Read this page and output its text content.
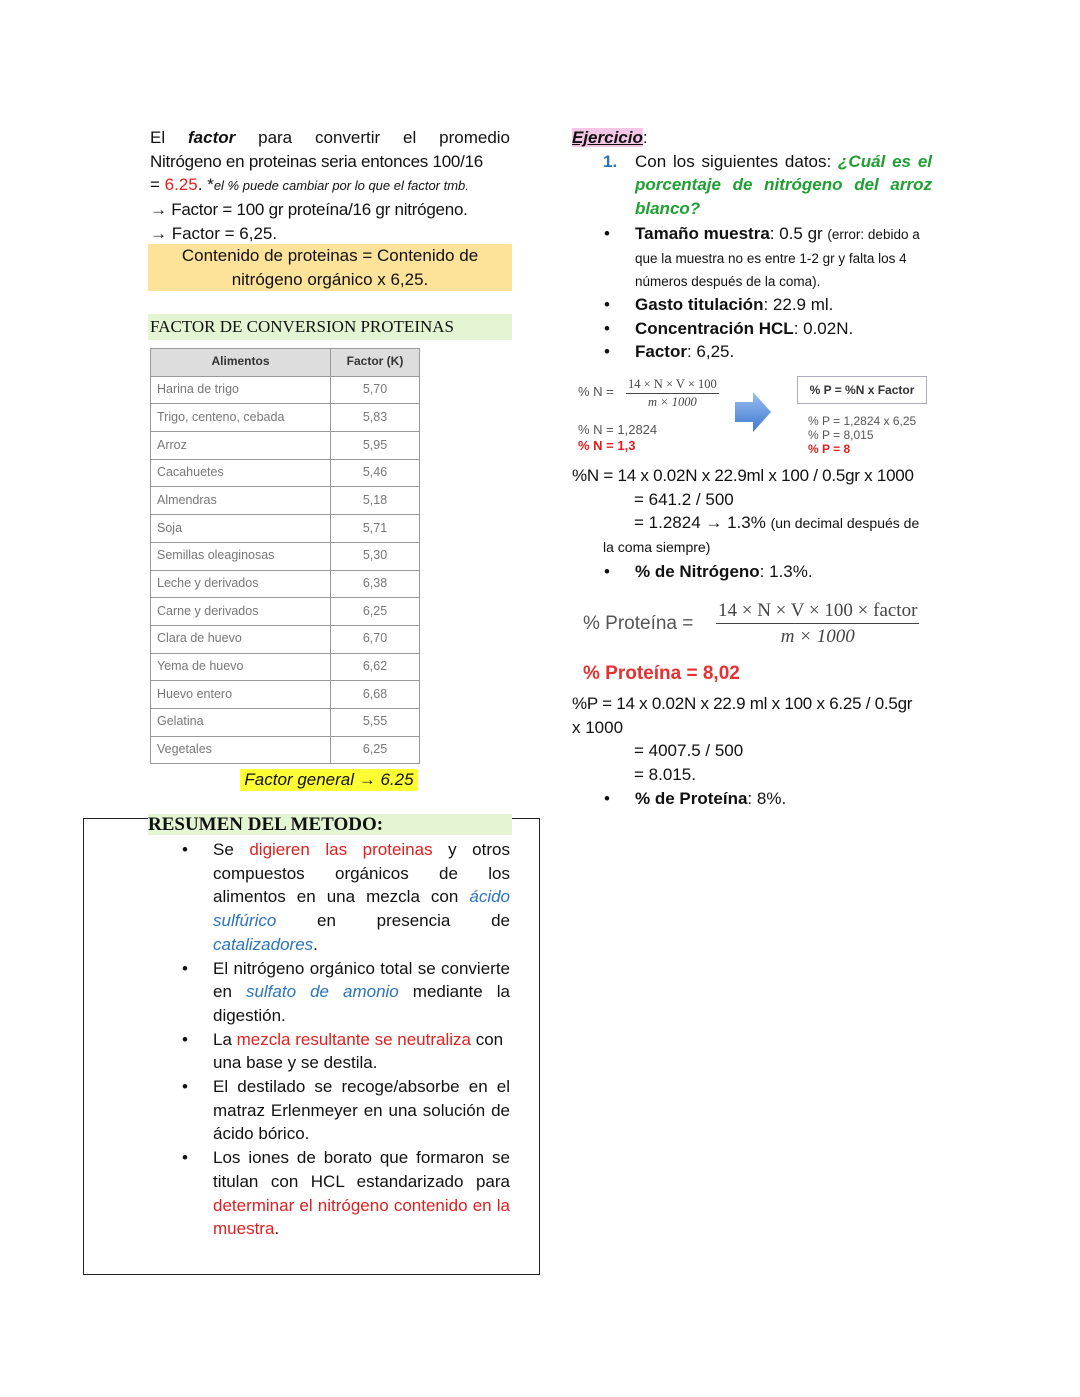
El factor para convertir el promedio
Nitrógeno en proteinas seria entonces 100/16
= 6.25. *el % puede cambiar por lo que el factor tmb.
→ Factor = 100 gr proteína/16 gr nitrógeno.
→ Factor = 6,25.
Contenido de proteinas = Contenido de
nitrógeno orgánico x 6,25.
FACTOR DE CONVERSION PROTEINAS
Alimentos	Factor (K)
Harina de trigo	5,70
Trigo, centeno, cebada	5,83
Arroz	5,95
Cacahuetes	5,46
Almendras	5,18
Soja	5,71
Semillas oleaginosas	5,30
Leche y derivados	6,38
Carne y derivados	6,25
Clara de huevo	6,70
Yema de huevo	6,62
Huevo entero	6,68
Gelatina	5,55
Vegetales	6,25
Factor general → 6.25
RESUMEN DEL METODO:
• Se digieren las proteinas y otros compuestos orgánicos de los alimentos en una mezcla con ácido sulfúrico en presencia de catalizadores.
• El nitrógeno orgánico total se convierte en sulfato de amonio mediante la digestión.
• La mezcla resultante se neutraliza con una base y se destila.
• El destilado se recoge/absorbe en el matraz Erlenmeyer en una solución de ácido bórico.
• Los iones de borato que formaron se titulan con HCL estandarizado para determinar el nitrógeno contenido en la muestra.
Ejercicio:
1. Con los siguientes datos: ¿Cuál es el porcentaje de nitrógeno del arroz blanco?
• Tamaño muestra: 0.5 gr (error: debido a que la muestra no es entre 1-2 gr y falta los 4 números después de la coma).
• Gasto titulación: 22.9 ml.
• Concentración HCL: 0.02N.
• Factor: 6,25.
% N = 14 × N × V × 100
m × 1000
% N = 1,2824
% N = 1,3
% P = %N x Factor
% P = 1,2824 x 6,25
% P = 8,015
% P = 8
%N = 14 x 0.02N x 22.9ml x 100 / 0.5gr x 1000
= 641.2 / 500
= 1.2824 → 1.3% (un decimal después de
la coma siempre)
• % de Nitrógeno: 1.3%.
% Proteína =
14 × N × V × 100 × factor
m × 1000
% Proteína = 8,02
%P = 14 x 0.02N x 22.9 ml x 100 x 6.25 / 0.5gr
x 1000
= 4007.5 / 500
= 8.015.
• % de Proteína: 8%.
